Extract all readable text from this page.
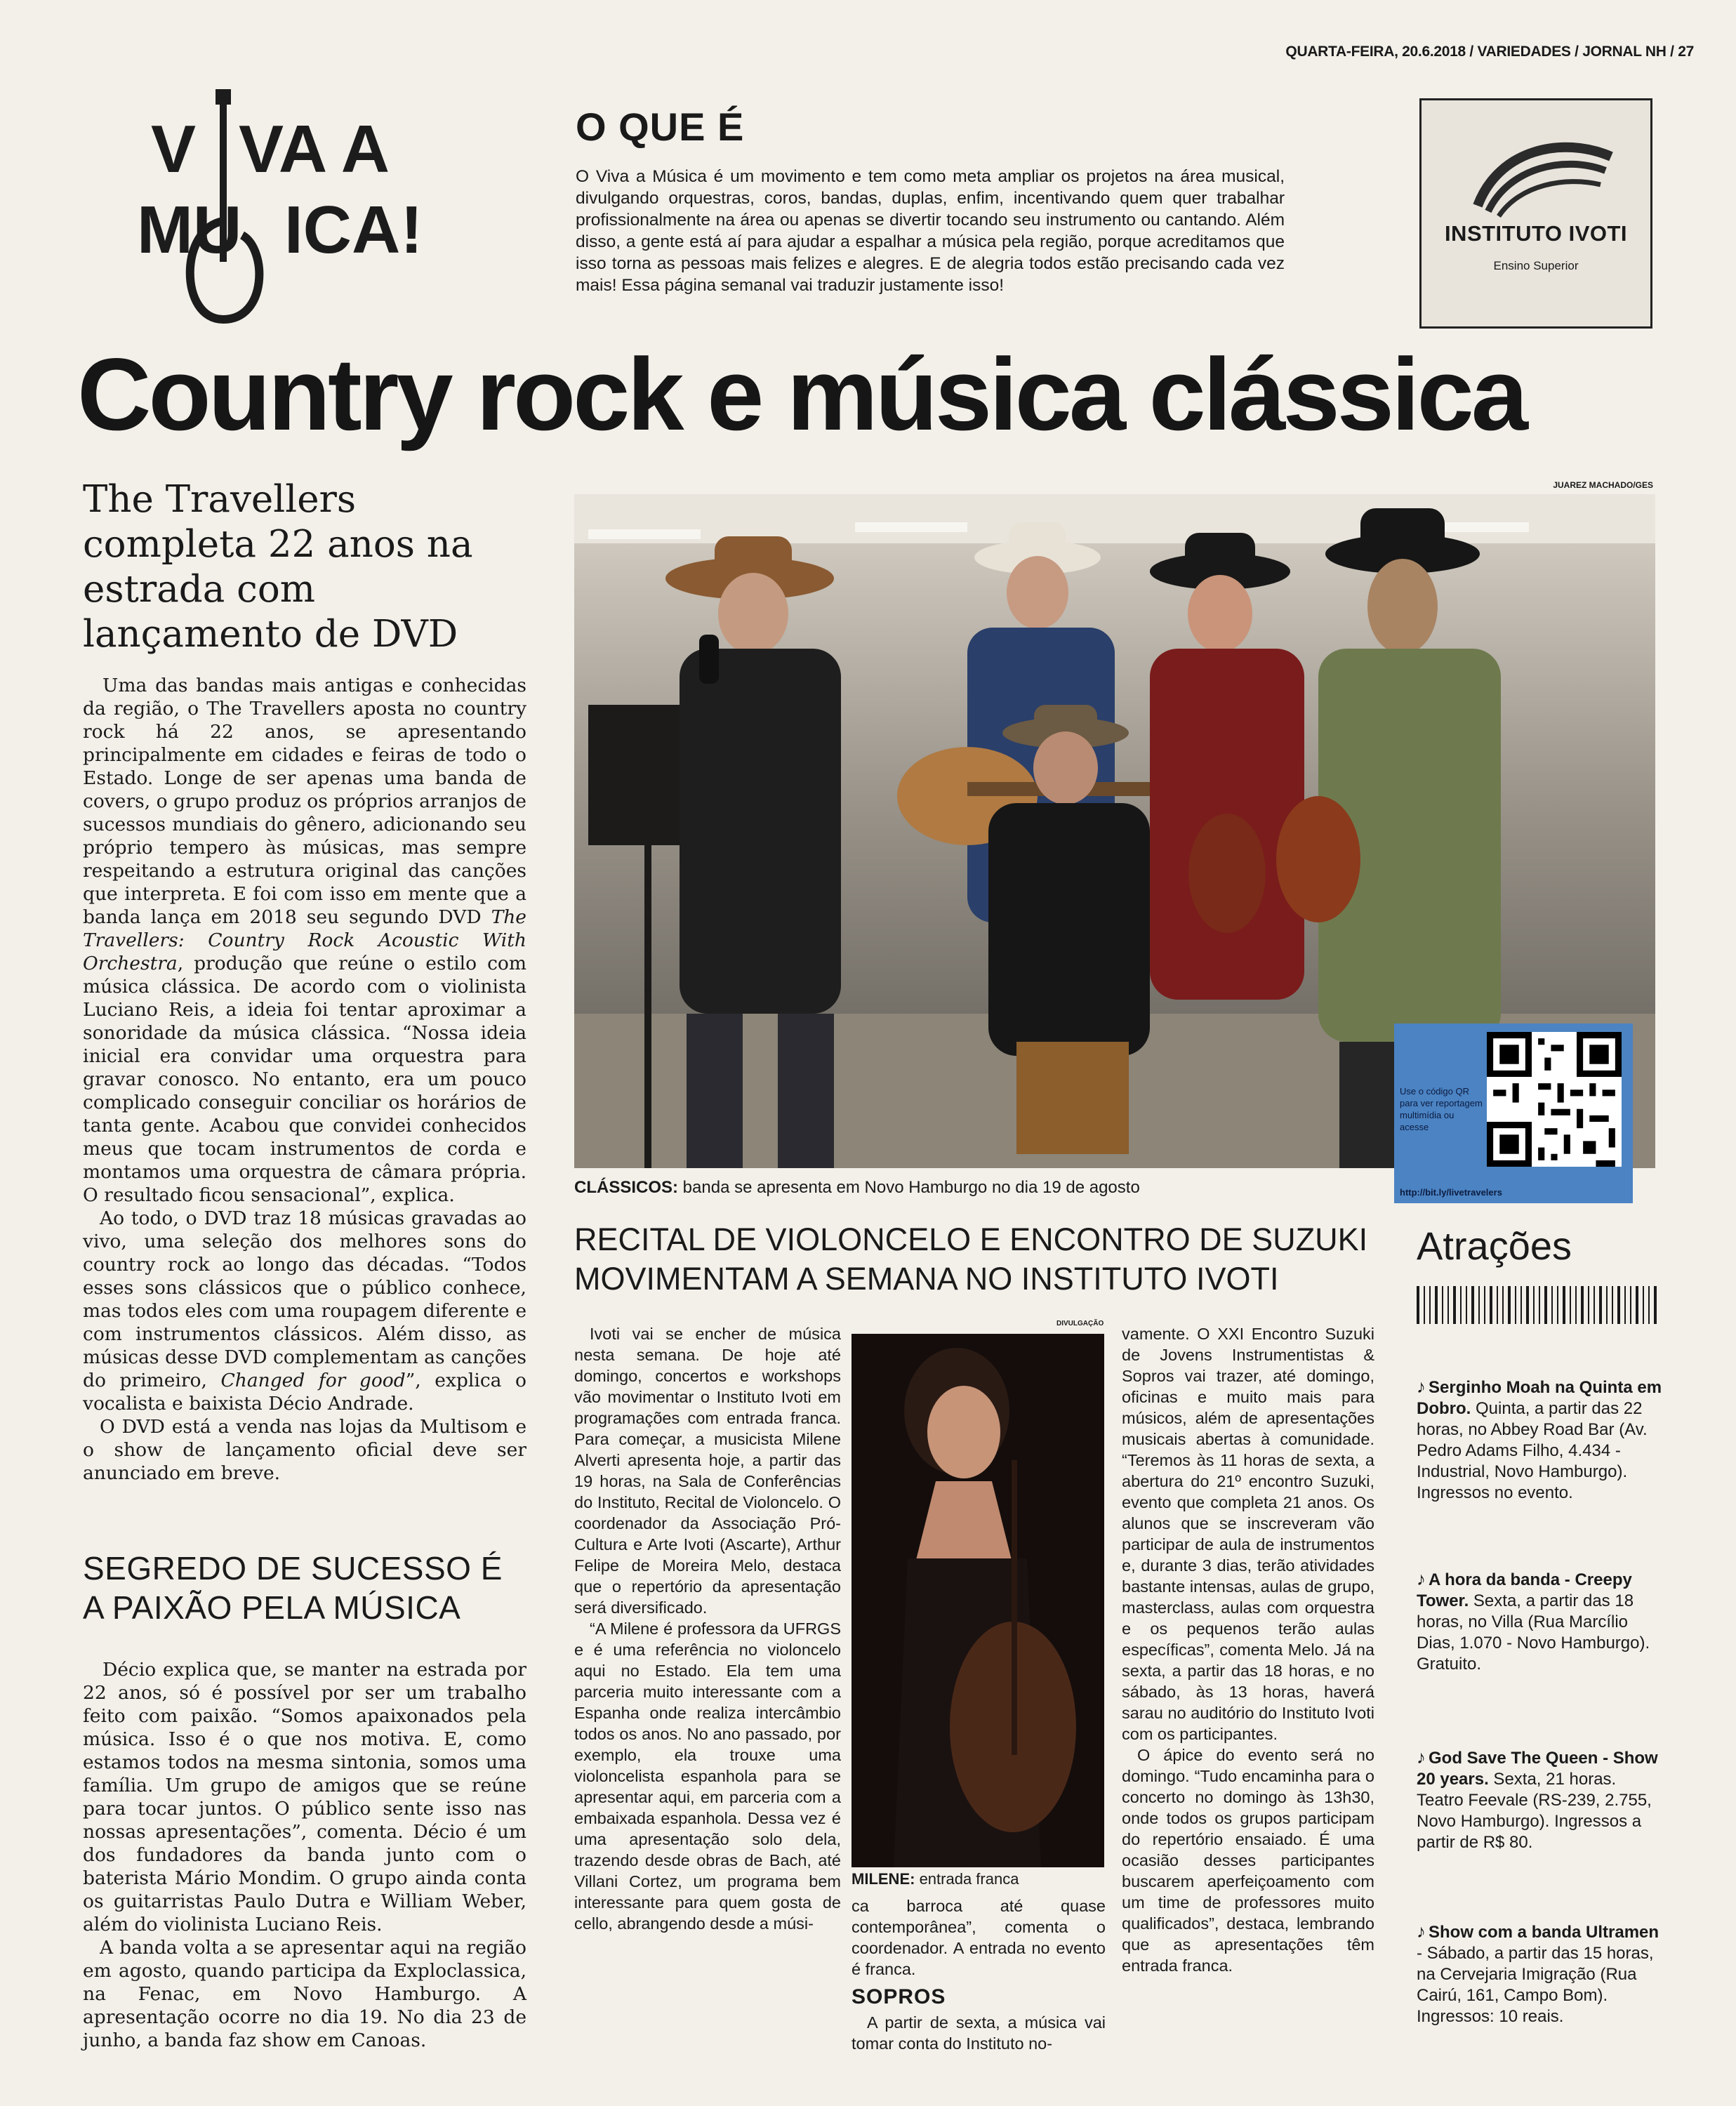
QUARTA-FEIRA, 20.6.2018 / VARIEDADES / JORNAL NH / 27
V VA A
MU ICA!
O QUE É
O Viva a Música é um movimento e tem como meta ampliar os projetos na área musical, divulgando orquestras, coros, bandas, duplas, enfim, incentivando quem quer trabalhar profissionalmente na área ou apenas se divertir tocando seu instrumento ou cantando. Além disso, a gente está aí para ajudar a espalhar a música pela região, porque acreditamos que isso torna as pessoas mais felizes e alegres. E de alegria todos estão precisando cada vez mais! Essa página semanal vai traduzir justamente isso!
INSTITUTO IVOTI
Ensino Superior
Country rock e música clássica
The Travellers completa 22 anos na estrada com lançamento de DVD

Uma das bandas mais antigas e conhecidas da região, o The Travellers aposta no country rock há 22 anos, se apresentando principalmente em cidades e feiras de todo o Estado. Longe de ser apenas uma banda de covers, o grupo produz os próprios arranjos de sucessos mundiais do gênero, adicionando seu próprio tempero às músicas, mas sempre respeitando a estrutura original das canções que interpreta. E foi com isso em mente que a banda lança em 2018 seu segundo DVD The Travellers: Country Rock Acoustic With Orchestra, produção que reúne o estilo com música clássica. De acordo com o violinista Luciano Reis, a ideia foi tentar aproximar a sonoridade da música clássica. “Nossa ideia inicial era convidar uma orquestra para gravar conosco. No entanto, era um pouco complicado conseguir conciliar os horários de tanta gente. Acabou que convidei conhecidos meus que tocam instrumentos de corda e montamos uma orquestra de câmara própria. O resultado ficou sensacional”, explica.

Ao todo, o DVD traz 18 músicas gravadas ao vivo, uma seleção dos melhores sons do country rock ao longo das décadas. “Todos esses sons clássicos que o público conhece, mas todos eles com uma roupagem diferente e com instrumentos clássicos. Além disso, as músicas desse DVD complementam as canções do primeiro, Changed for good”, explica o vocalista e baixista Décio Andrade.

O DVD está a venda nas lojas da Multisom e o show de lançamento oficial deve ser anunciado em breve.

SEGREDO DE SUCESSO É A PAIXÃO PELA MÚSICA

Décio explica que, se manter na estrada por 22 anos, só é possível por ser um trabalho feito com paixão. “Somos apaixonados pela música. Isso é o que nos motiva. E, como estamos todos na mesma sintonia, somos uma família. Um grupo de amigos que se reúne para tocar juntos. O público sente isso nas nossas apresentações”, comenta. Décio é um dos fundadores da banda junto com o baterista Mário Mondim. O grupo ainda conta os guitarristas Paulo Dutra e William Weber, além do violinista Luciano Reis.

A banda volta a se apresentar aqui na região em agosto, quando participa da Exploclassica, na Fenac, em Novo Hamburgo. A apresentação ocorre no dia 19. No dia 23 de junho, a banda faz show em Canoas.

JUAREZ MACHADO/GES
CLÁSSICOS: banda se apresenta em Novo Hamburgo no dia 19 de agosto
Use o código QR para ver reportagem multimídia ou acesse
http://bit.ly/livetravelers
RECITAL DE VIOLONCELO E ENCONTRO DE SUZUKI MOVIMENTAM A SEMANA NO INSTITUTO IVOTI

Ivoti vai se encher de música nesta semana. De hoje até domingo, concertos e workshops vão movimentar o Instituto Ivoti em programações com entrada franca. Para começar, a musicista Milene Alverti apresenta hoje, a partir das 19 horas, na Sala de Conferências do Instituto, Recital de Violoncelo. O coordenador da Associação Pró-Cultura e Arte Ivoti (Ascarte), Arthur Felipe de Moreira Melo, destaca que o repertório da apresentação será diversificado.

“A Milene é professora da UFRGS e é uma referência no violoncelo aqui no Estado. Ela tem uma parceria muito interessante com a Espanha onde realiza intercâmbio todos os anos. No ano passado, por exemplo, ela trouxe uma violoncelista espanhola para se apresentar aqui, em parceria com a embaixada espanhola. Dessa vez é uma apresentação solo dela, trazendo desde obras de Bach, até Villani Cortez, um programa bem interessante para quem gosta de cello, abrangendo desde a músi-

DIVULGAÇÃO
MILENE: entrada franca

ca barroca até quase contemporânea”, comenta o coordenador. A entrada no evento é franca.

SOPROS

A partir de sexta, a música vai tomar conta do Instituto no-

vamente. O XXI Encontro Suzuki de Jovens Instrumentistas & Sopros vai trazer, até domingo, oficinas e muito mais para músicos, além de apresentações musicais abertas à comunidade. “Teremos às 11 horas de sexta, a abertura do 21º encontro Suzuki, evento que completa 21 anos. Os alunos que se inscreveram vão participar de aula de instrumentos e, durante 3 dias, terão atividades bastante intensas, aulas de grupo, masterclass, aulas com orquestra e os pequenos terão aulas específicas”, comenta Melo. Já na sexta, a partir das 18 horas, e no sábado, às 13 horas, haverá sarau no auditório do Instituto Ivoti com os participantes.

O ápice do evento será no domingo. “Tudo encaminha para o concerto no domingo às 13h30, onde todos os grupos participam do repertório ensaiado. É uma ocasião desses participantes buscarem aperfeiçoamento com um time de professores muito qualificados”, destaca, lembrando que as apresentações têm entrada franca.

Atrações
♪ Serginho Moah na Quinta em Dobro. Quinta, a partir das 22 horas, no Abbey Road Bar (Av. Pedro Adams Filho, 4.434 - Industrial, Novo Hamburgo). Ingressos no evento.
♪ A hora da banda - Creepy Tower. Sexta, a partir das 18 horas, no Villa (Rua Marcílio Dias, 1.070 - Novo Hamburgo). Gratuito.
♪ God Save The Queen - Show 20 years. Sexta, 21 horas. Teatro Feevale (RS-239, 2.755, Novo Hamburgo). Ingressos a partir de R$ 80.
♪ Show com a banda Ultramen - Sábado, a partir das 15 horas, na Cervejaria Imigração (Rua Cairú, 161, Campo Bom). Ingressos: 10 reais.
